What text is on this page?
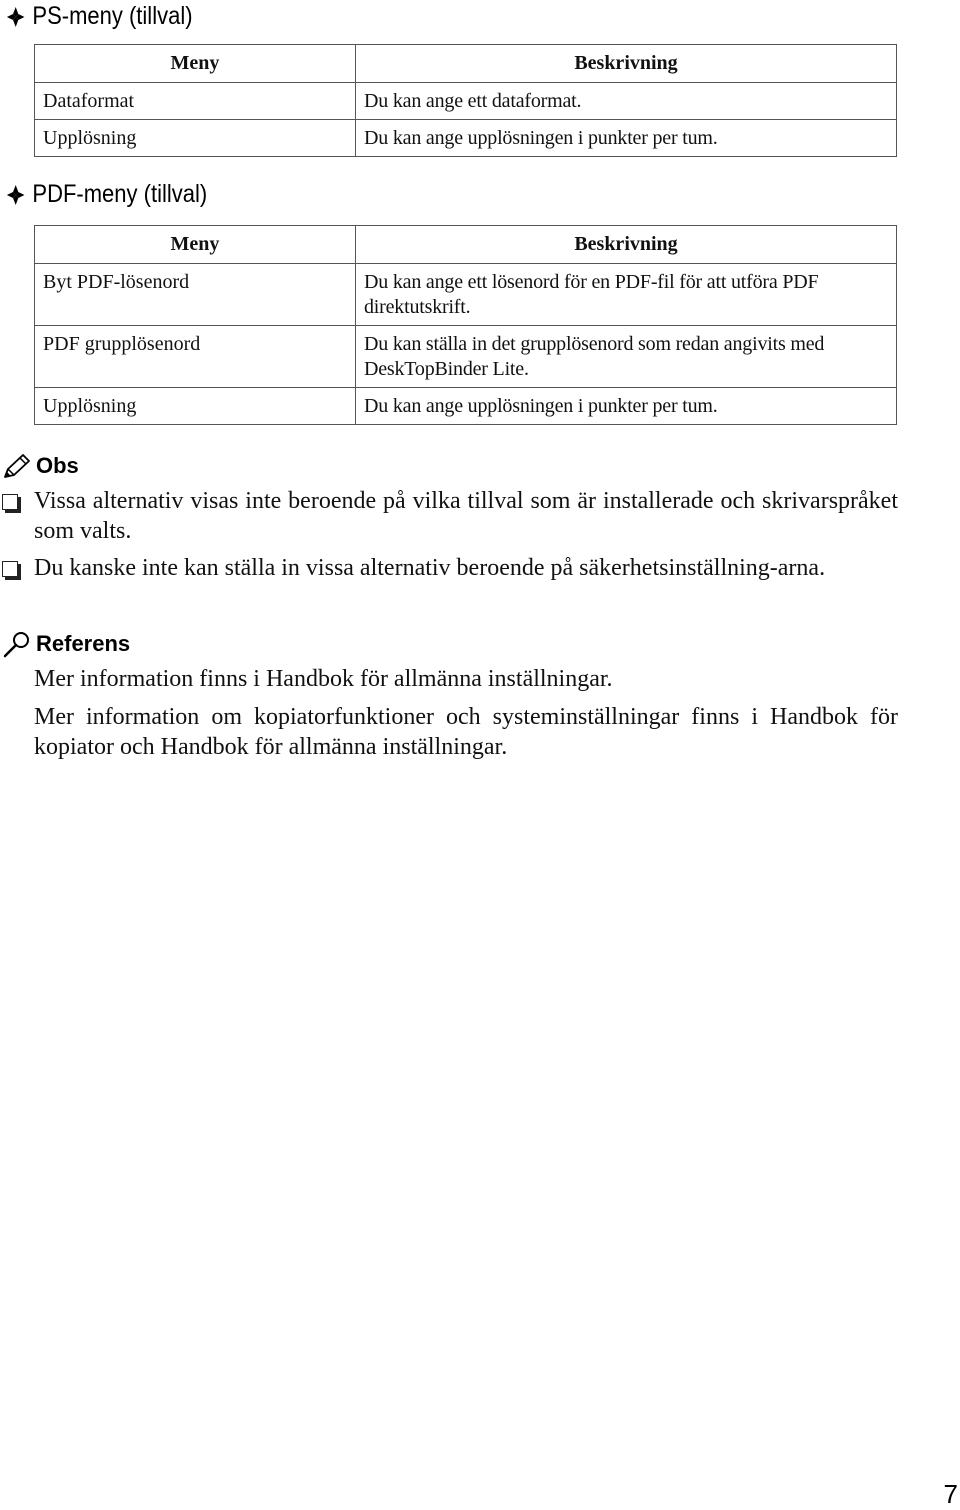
PS-meny (tillval)
Meny	Beskrivning
Dataformat	Du kan ange ett dataformat.
Upplösning	Du kan ange upplösningen i punkter per tum.
PDF-meny (tillval)
Meny	Beskrivning
Byt PDF-lösenord	Du kan ange ett lösenord för en PDF-fil för att utföra PDF direktutskrift.
PDF grupplösenord	Du kan ställa in det grupplösenord som redan angivits med DeskTopBinder Lite.
Upplösning	Du kan ange upplösningen i punkter per tum.
Obs
Vissa alternativ visas inte beroende på vilka tillval som är installerade och skrivarspråket som valts.
Du kanske inte kan ställa in vissa alternativ beroende på säkerhetsinställning-arna.
Referens

Mer information finns i Handbok för allmänna inställningar.

Mer information om kopiatorfunktioner och systeminställningar finns i Handbok för kopiator och Handbok för allmänna inställningar.

7
